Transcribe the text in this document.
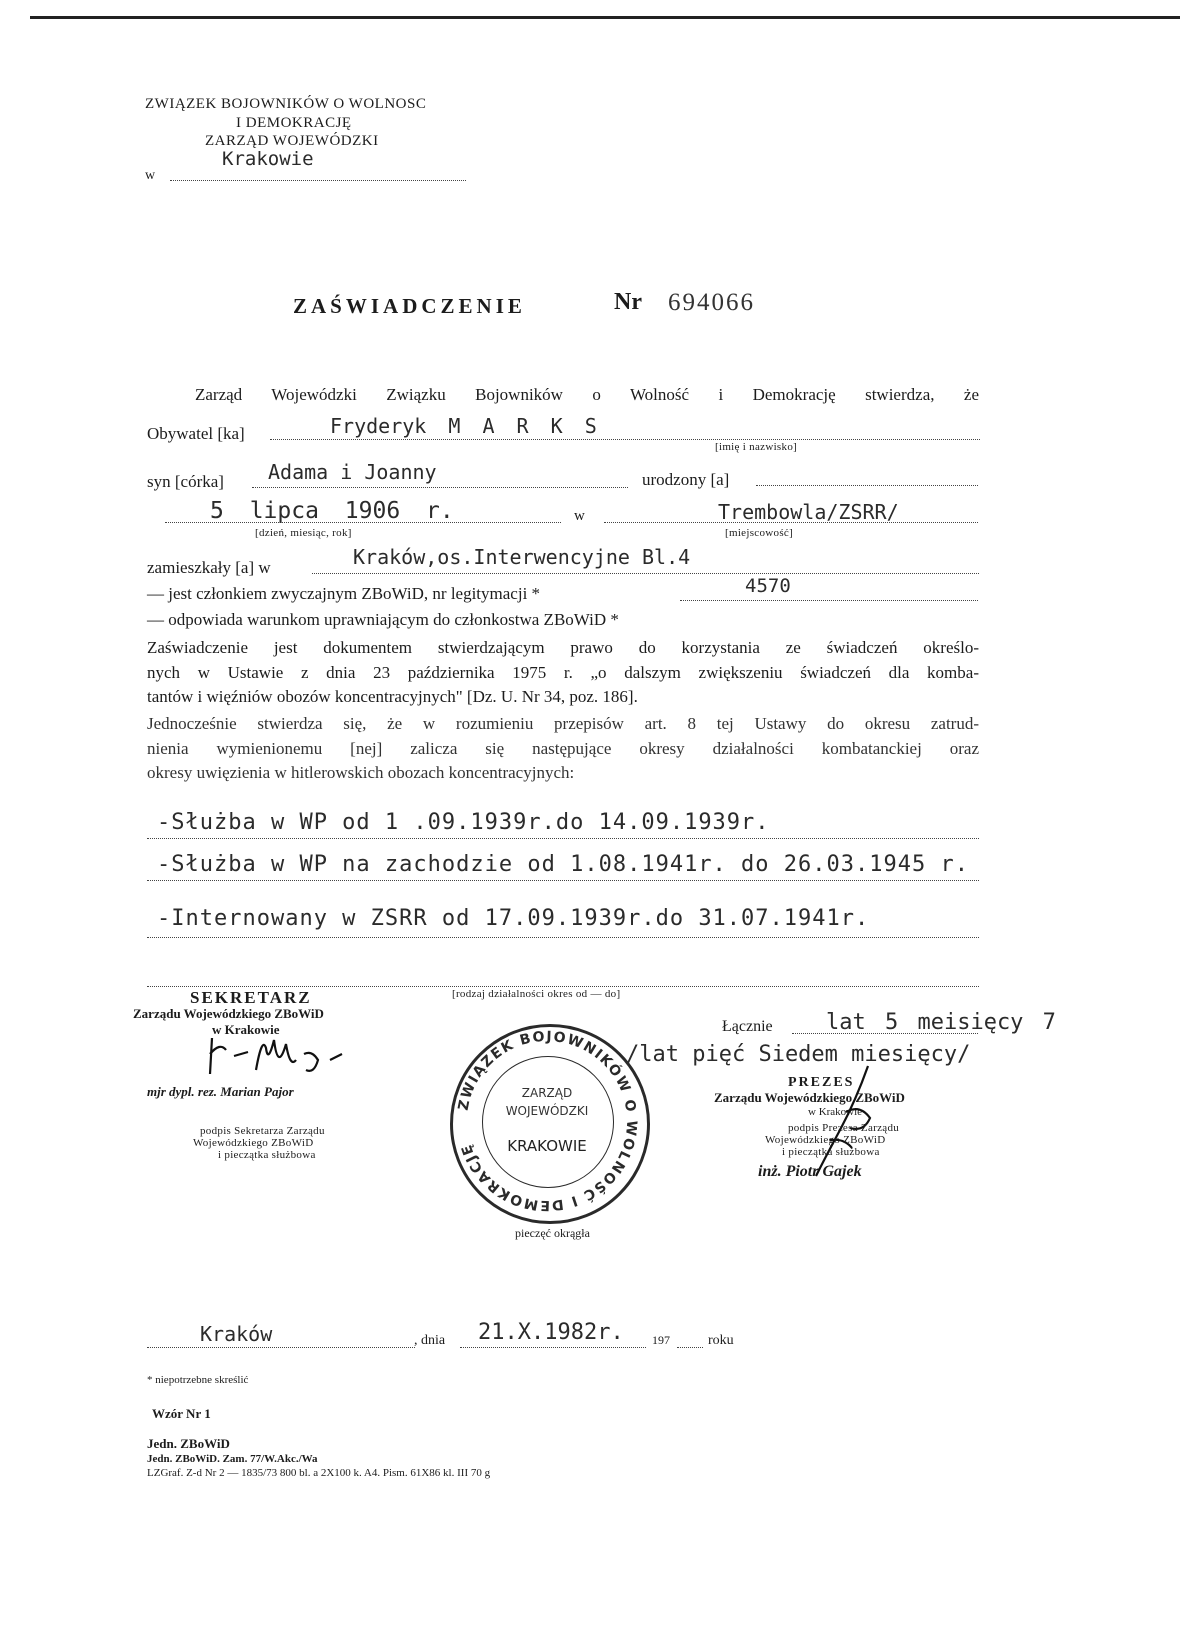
ZWIĄZEK BOJOWNIKÓW O WOLNOSC
I DEMOKRACJĘ
ZARZĄD WOJEWÓDZKI
Krakowie
w
ZAŚWIADCZENIE	Nr 694066
Zarząd Wojewódzki Związku Bojowników o Wolność i Demokrację stwierdza, że
Obywatel [ka]	Fryderyk M A R K S
[imię i nazwisko]
syn [córka] Adama i Joanny	urodzony [a]
5 lipca 1906 r.
[dzień, miesiąc, rok]
w	Trembowla/ZSRR/
[miejscowość]
zamieszkały [a] w	Kraków,os.Interwencyjne Bl.4
— jest członkiem zwyczajnym ZBoWiD, nr legitymacji *	4570
— odpowiada warunkom uprawniającym do członkostwa ZBoWiD *
Zaświadczenie jest dokumentem stwierdzającym prawo do korzystania ze świadczeń określo-
nych w Ustawie z dnia 23 października 1975 r. „o dalszym zwiększeniu świadczeń dla komba-
tantów i więźniów obozów koncentracyjnych" [Dz. U. Nr 34, poz. 186].
Jednocześnie stwierdza się, że w rozumieniu przepisów art. 8 tej Ustawy do okresu zatrud-
nienia wymienionemu [nej] zalicza się następujące okresy działalności kombatanckiej oraz
okresy uwięzienia w hitlerowskich obozach koncentracyjnych:
-Służba w WP od 1 .09.1939r.do 14.09.1939r.
-Służba w WP na zachodzie od 1.08.1941r. do 26.03.1945 r.
-Internowany w ZSRR od 17.09.1939r.do 31.07.1941r.
[rodzaj działalności okres od — do]
SEKRETARZ
Zarządu Wojewódzkiego ZBoWiD
w Krakowie
mjr dypl. rez. Marian Pajor
podpis Sekretarza Zarządu
Wojewódzkiego ZBoWiD
i pieczątka służbowa
ZWIĄZEK BOJOWNIKÓW O WOLNOŚĆ I DEMOKRACJĘ
ZARZĄD
WOJEWÓDZKI
KRAKOWIE
pieczęć okrągła
Łącznie lat 5 meisięcy 7
/lat pięć Siedem miesięcy/
PREZES
Zarządu Wojewódzkiego ZBoWiD
w Krakowie
podpis Prezesa Zarządu
Wojewódzkiego ZBoWiD
i pieczątka służbowa
inż. Piotr Gajek
Kraków	, dnia 21.X.1982r. 197	roku
* niepotrzebne skreślić
Wzór Nr 1
Jedn. ZBoWiD
Jedn. ZBoWiD. Zam. 77/W.Akc./Wa
LZGraf. Z-d Nr 2 — 1835/73 800 bl. a 2X100 k. A4. Pism. 61X86 kl. III 70 g
